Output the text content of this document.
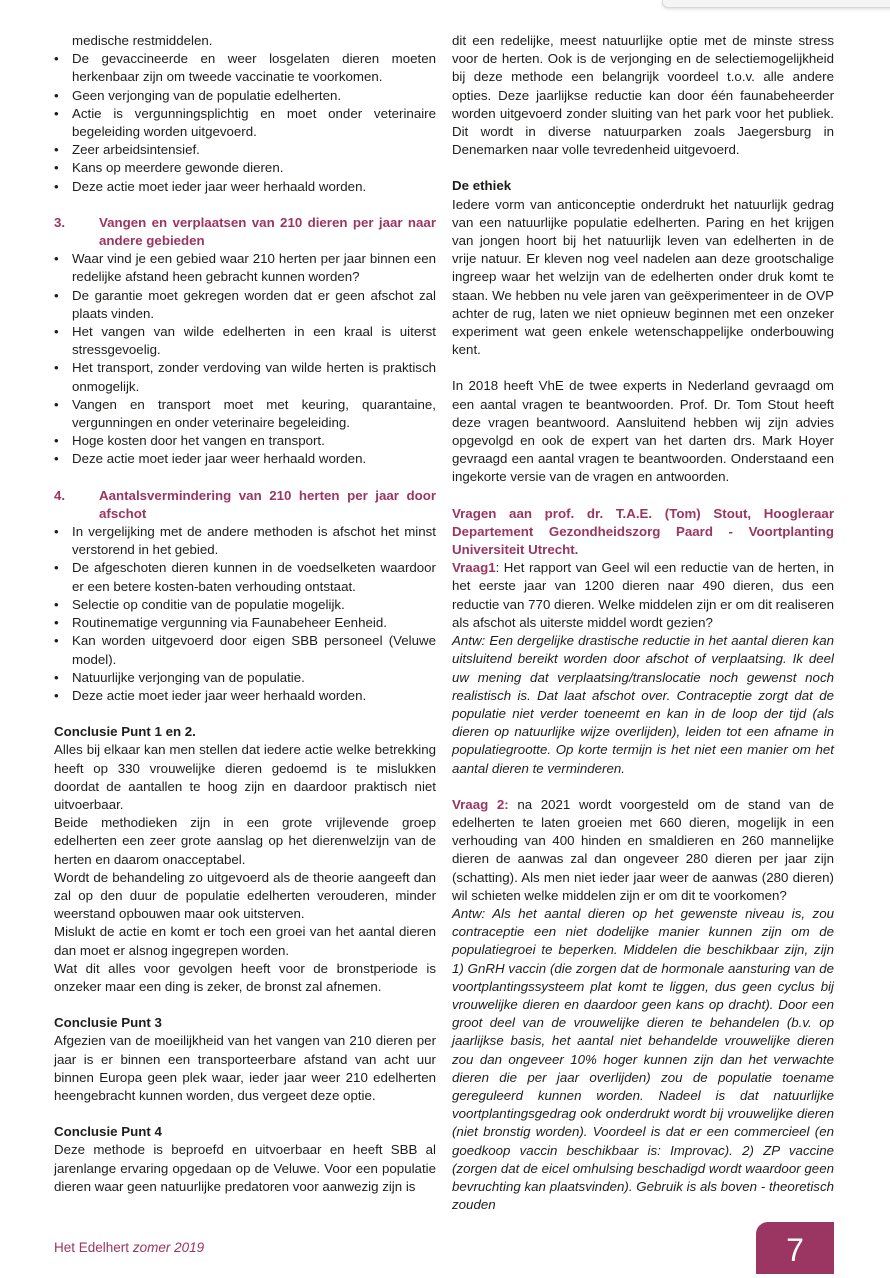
medische restmiddelen.

• De gevaccineerde en weer losgelaten dieren moeten herkenbaar zijn om tweede vaccinatie te voorkomen.
• Geen verjonging van de populatie edelherten.
• Actie is vergunningsplichtig en moet onder veterinaire begeleiding worden uitgevoerd.
• Zeer arbeidsintensief.
• Kans op meerdere gewonde dieren.
• Deze actie moet ieder jaar weer herhaald worden.

3.	Vangen en verplaatsen van 210 dieren per jaar naar andere gebieden

• Waar vind je een gebied waar 210 herten per jaar binnen een redelijke afstand heen gebracht kunnen worden?
• De garantie moet gekregen worden dat er geen afschot zal plaats vinden.
• Het vangen van wilde edelherten in een kraal is uiterst stressgevoelig.
• Het transport, zonder verdoving van wilde herten is praktisch onmogelijk.
• Vangen en transport moet met keuring, quarantaine, vergunningen en onder veterinaire begeleiding.
• Hoge kosten door het vangen en transport.
• Deze actie moet ieder jaar weer herhaald worden.

4.	Aantalsvermindering van 210 herten per jaar door afschot

• In vergelijking met de andere methoden is afschot het minst verstorend in het gebied.
• De afgeschoten dieren kunnen in de voedselketen waardoor er een betere kosten-baten verhouding ontstaat.
• Selectie op conditie van de populatie mogelijk.
• Routinematige vergunning via Faunabeheer Eenheid.
• Kan worden uitgevoerd door eigen SBB personeel (Veluwe model).
• Natuurlijke verjonging van de populatie.
• Deze actie moet ieder jaar weer herhaald worden.

Conclusie Punt 1 en 2.

Alles bij elkaar kan men stellen dat iedere actie welke betrekking heeft op 330 vrouwelijke dieren gedoemd is te mislukken doordat de aantallen te hoog zijn en daardoor praktisch niet uitvoerbaar.

Beide methodieken zijn in een grote vrijlevende groep edelherten een zeer grote aanslag op het dierenwelzijn van de herten en daarom onacceptabel.

Wordt de behandeling zo uitgevoerd als de theorie aangeeft dan zal op den duur de populatie edelherten verouderen, minder weerstand opbouwen maar ook uitsterven.

Mislukt de actie en komt er toch een groei van het aantal dieren dan moet er alsnog ingegrepen worden.

Wat dit alles voor gevolgen heeft voor de bronstperiode is onzeker maar een ding is zeker, de bronst zal afnemen.

Conclusie Punt 3

Afgezien van de moeilijkheid van het vangen van 210 dieren per jaar is er binnen een transporteerbare afstand van acht uur binnen Europa geen plek waar, ieder jaar weer 210 edelherten heengebracht kunnen worden, dus vergeet deze optie.

Conclusie Punt 4

Deze methode is beproefd en uitvoerbaar en heeft SBB al jarenlange ervaring opgedaan op de Veluwe. Voor een populatie dieren waar geen natuurlijke predatoren voor aanwezig zijn is

dit een redelijke, meest natuurlijke optie met de minste stress voor de herten. Ook is de verjonging en de selectiemogelijkheid bij deze methode een belangrijk voordeel t.o.v. alle andere opties. Deze jaarlijkse reductie kan door één faunabeheerder worden uitgevoerd zonder sluiting van het park voor het publiek. Dit wordt in diverse natuurparken zoals Jaegersburg in Denemarken naar volle tevredenheid uitgevoerd.

De ethiek

Iedere vorm van anticonceptie onderdrukt het natuurlijk gedrag van een natuurlijke populatie edelherten. Paring en het krijgen van jongen hoort bij het natuurlijk leven van edelherten in de vrije natuur. Er kleven nog veel nadelen aan deze grootschalige ingreep waar het welzijn van de edelherten onder druk komt te staan. We hebben nu vele jaren van geëxperimenteer in de OVP achter de rug, laten we niet opnieuw beginnen met een onzeker experiment wat geen enkele wetenschappelijke onderbouwing kent.

In 2018 heeft VhE de twee experts in Nederland gevraagd om een aantal vragen te beantwoorden. Prof. Dr. Tom Stout heeft deze vragen beantwoord. Aansluitend hebben wij zijn advies opgevolgd en ook de expert van het darten drs. Mark Hoyer gevraagd een aantal vragen te beantwoorden. Onderstaand een ingekorte versie van de vragen en antwoorden.

Vragen aan prof. dr. T.A.E. (Tom) Stout, Hoogleraar Departement Gezondheidszorg Paard - Voortplanting Universiteit Utrecht.

Vraag1: Het rapport van Geel wil een reductie van de herten, in het eerste jaar van 1200 dieren naar 490 dieren, dus een reductie van 770 dieren. Welke middelen zijn er om dit realiseren als afschot als uiterste middel wordt gezien?

Antw: Een dergelijke drastische reductie in het aantal dieren kan uitsluitend bereikt worden door afschot of verplaatsing. Ik deel uw mening dat verplaatsing/translocatie noch gewenst noch realistisch is. Dat laat afschot over. Contraceptie zorgt dat de populatie niet verder toeneemt en kan in de loop der tijd (als dieren op natuurlijke wijze overlijden), leiden tot een afname in populatiegrootte. Op korte termijn is het niet een manier om het aantal dieren te verminderen.

Vraag 2: na 2021 wordt voorgesteld om de stand van de edelherten te laten groeien met 660 dieren, mogelijk in een verhouding van 400 hinden en smaldieren en 260 mannelijke dieren de aanwas zal dan ongeveer 280 dieren per jaar zijn (schatting). Als men niet ieder jaar weer de aanwas (280 dieren) wil schieten welke middelen zijn er om dit te voorkomen?

Antw: Als het aantal dieren op het gewenste niveau is, zou contraceptie een niet dodelijke manier kunnen zijn om de populatiegroei te beperken. Middelen die beschikbaar zijn, zijn 1) GnRH vaccin (die zorgen dat de hormonale aansturing van de voortplantingssysteem plat komt te liggen, dus geen cyclus bij vrouwelijke dieren en daardoor geen kans op dracht). Door een groot deel van de vrouwelijke dieren te behandelen (b.v. op jaarlijkse basis, het aantal niet behandelde vrouwelijke dieren zou dan ongeveer 10% hoger kunnen zijn dan het verwachte dieren die per jaar overlijden) zou de populatie toename gereguleerd kunnen worden. Nadeel is dat natuurlijke voortplantingsgedrag ook onderdrukt wordt bij vrouwelijke dieren (niet bronstig worden). Voordeel is dat er een commercieel (en goedkoop vaccin beschikbaar is: Improvac). 2) ZP vaccine (zorgen dat de eicel omhulsing beschadigd wordt waardoor geen bevruchting kan plaatsvinden). Gebruik is als boven - theoretisch zouden

Het Edelhert zomer 2019	7
